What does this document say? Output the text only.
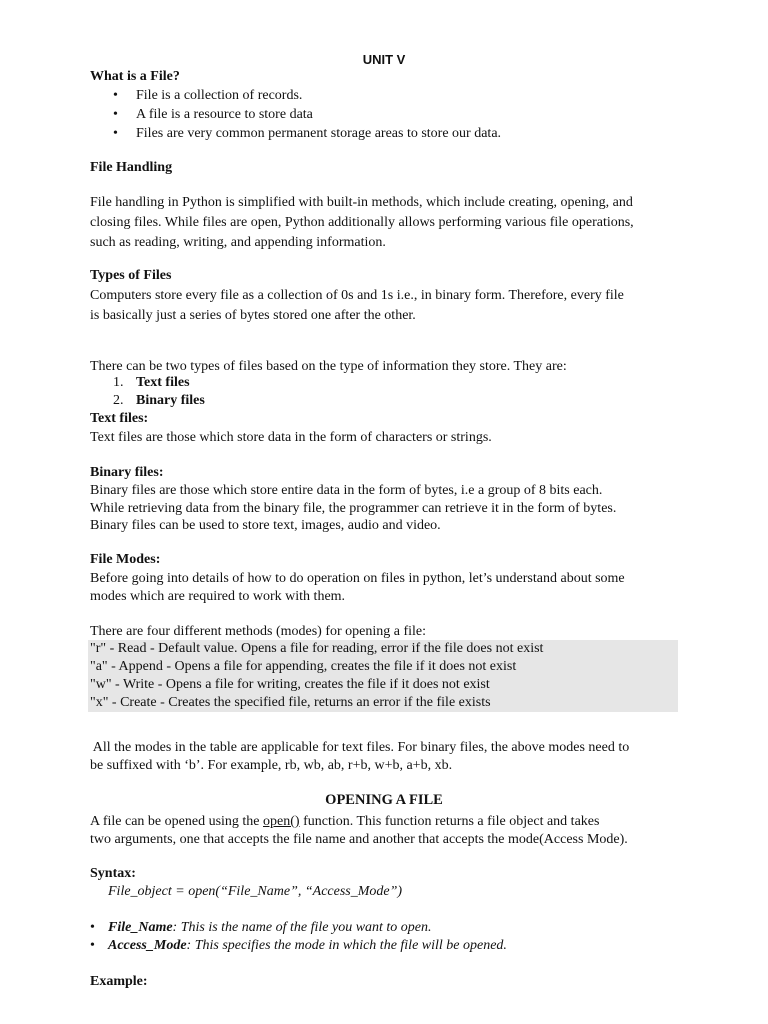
UNIT V
What is a File?
• File is a collection of records.
• A file is a resource to store data
• Files are very common permanent storage areas to store our data.
File Handling
File handling in Python is simplified with built-in methods, which include creating, opening, and
closing files. While files are open, Python additionally allows performing various file operations,
such as reading, writing, and appending information.
Types of Files
Computers store every file as a collection of 0s and 1s i.e., in binary form. Therefore, every file
is basically just a series of bytes stored one after the other.
There can be two types of files based on the type of information they store. They are:
1. Text files
2. Binary files
Text files:
Text files are those which store data in the form of characters or strings.
Binary files:
Binary files are those which store entire data in the form of bytes, i.e a group of 8 bits each.
While retrieving data from the binary file, the programmer can retrieve it in the form of bytes.
Binary files can be used to store text, images, audio and video.
File Modes:
Before going into details of how to do operation on files in python, let’s understand about some
modes which are required to work with them.
There are four different methods (modes) for opening a file:
"r" - Read - Default value. Opens a file for reading, error if the file does not exist
"a" - Append - Opens a file for appending, creates the file if it does not exist
"w" - Write - Opens a file for writing, creates the file if it does not exist
"x" - Create - Creates the specified file, returns an error if the file exists
All the modes in the table are applicable for text files. For binary files, the above modes need to
be suffixed with ‘b’. For example, rb, wb, ab, r+b, w+b, a+b, xb.
OPENING A FILE
A file can be opened using the open() function. This function returns a file object and takes
two arguments, one that accepts the file name and another that accepts the mode(Access Mode).
Syntax:
File_object = open(“File_Name”, “Access_Mode”)
• File_Name: This is the name of the file you want to open.
• Access_Mode: This specifies the mode in which the file will be opened.
Example:
